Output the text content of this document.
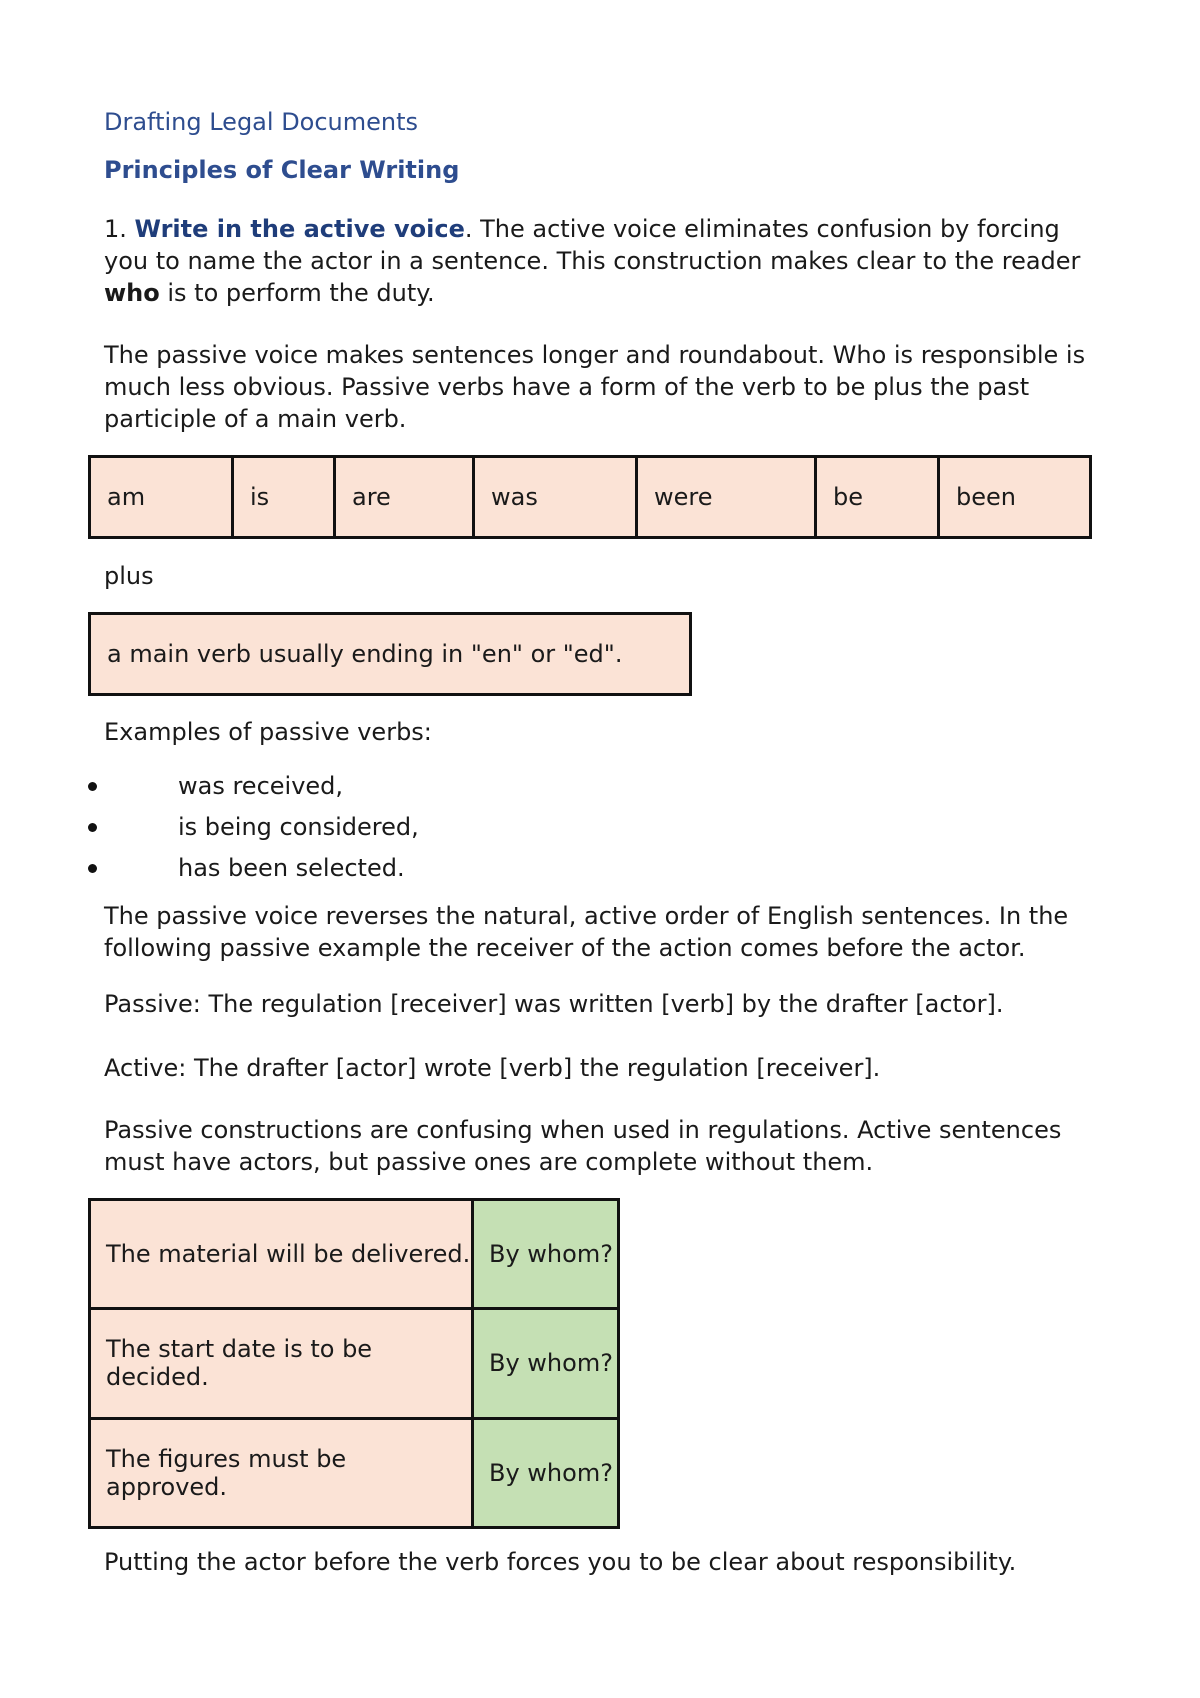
Drafting Legal Documents
Principles of Clear Writing
1. Write in the active voice. The active voice eliminates confusion by forcing you to name the actor in a sentence. This construction makes clear to the reader who is to perform the duty.
The passive voice makes sentences longer and roundabout. Who is responsible is much less obvious. Passive verbs have a form of the verb to be plus the past participle of a main verb.
am	is	are	was	were	be	been
plus
a main verb usually ending in "en" or "ed".
Examples of passive verbs:
was received,
is being considered,
has been selected.
The passive voice reverses the natural, active order of English sentences. In the following passive example the receiver of the action comes before the actor.
Passive: The regulation [receiver] was written [verb] by the drafter [actor].
Active: The drafter [actor] wrote [verb] the regulation [receiver].
Passive constructions are confusing when used in regulations. Active sentences must have actors, but passive ones are complete without them.
The material will be delivered.	By whom?
The start date is to be decided.	By whom?
The figures must be approved.	By whom?
Putting the actor before the verb forces you to be clear about responsibility.
